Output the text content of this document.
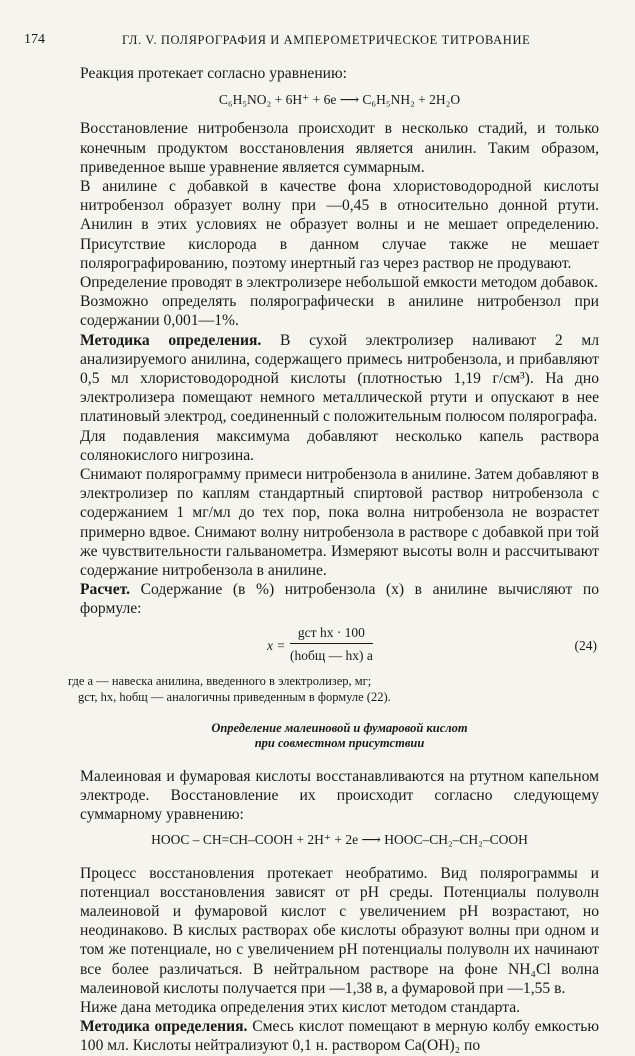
174	ГЛ. V. ПОЛЯРОГРАФИЯ И АМПЕРОМЕТРИЧЕСКОЕ ТИТРОВАНИЕ

Реакция протекает согласно уравнению:

C₆H₅NO₂ + 6H⁺ + 6e ⟶ C₆H₅NH₂ + 2H₂O

Восстановление нитробензола происходит в несколько стадий, и только конечным продуктом восстановления является анилин. Таким образом, приведенное выше уравнение является суммарным.

В анилине с добавкой в качестве фона хлористоводородной кислоты нитробензол образует волну при —0,45 в относительно донной ртути. Анилин в этих условиях не образует волны и не мешает определению. Присутствие кислорода в данном случае также не мешает полярографированию, поэтому инертный газ через раствор не продувают.

Определение проводят в электролизере небольшой емкости методом добавок.

Возможно определять полярографически в анилине нитробензол при содержании 0,001—1%.

Методика определения. В сухой электролизер наливают 2 мл анализируемого анилина, содержащего примесь нитробензола, и прибавляют 0,5 мл хлористоводородной кислоты (плотностью 1,19 г/см³). На дно электролизера помещают немного металлической ртути и опускают в нее платиновый электрод, соединенный с положительным полюсом полярографа.

Для подавления максимума добавляют несколько капель раствора солянокислого нигрозина.

Снимают полярограмму примеси нитробензола в анилине. Затем добавляют в электролизер по каплям стандартный спиртовой раствор нитробензола с содержанием 1 мг/мл до тех пор, пока волна нитробензола не возрастет примерно вдвое. Снимают волну нитробензола в растворе с добавкой при той же чувствительности гальванометра. Измеряют высоты волн и рассчитывают содержание нитробензола в анилине.

Расчет. Содержание (в %) нитробензола (x) в анилине вычисляют по формуле:

x =
gст hx · 100
(hобщ — hx) a
(24)
где a — навеска анилина, введенного в электролизер, мг;
gст, hx, hобщ — аналогичны приведенным в формуле (22).
Определение малеиновой и фумаровой кислот
при совместном присутствии

Малеиновая и фумаровая кислоты восстанавливаются на ртутном капельном электроде. Восстановление их происходит согласно следующему суммарному уравнению:

HOOC – CH=CH–COOH + 2H⁺ + 2e ⟶ HOOC–CH₂–CH₂–COOH

Процесс восстановления протекает необратимо. Вид полярограммы и потенциал восстановления зависят от pH среды. Потенциалы полуволн малеиновой и фумаровой кислот с увеличением pH возрастают, но неодинаково. В кислых растворах обе кислоты образуют волны при одном и том же потенциале, но с увеличением pH потенциалы полуволн их начинают все более различаться. В нейтральном растворе на фоне NH₄Cl волна малеиновой кислоты получается при —1,38 в, а фумаровой при —1,55 в.

Ниже дана методика определения этих кислот методом стандарта.

Методика определения. Смесь кислот помещают в мерную колбу емкостью 100 мл. Кислоты нейтрализуют 0,1 н. раствором Ca(OH)₂ по
